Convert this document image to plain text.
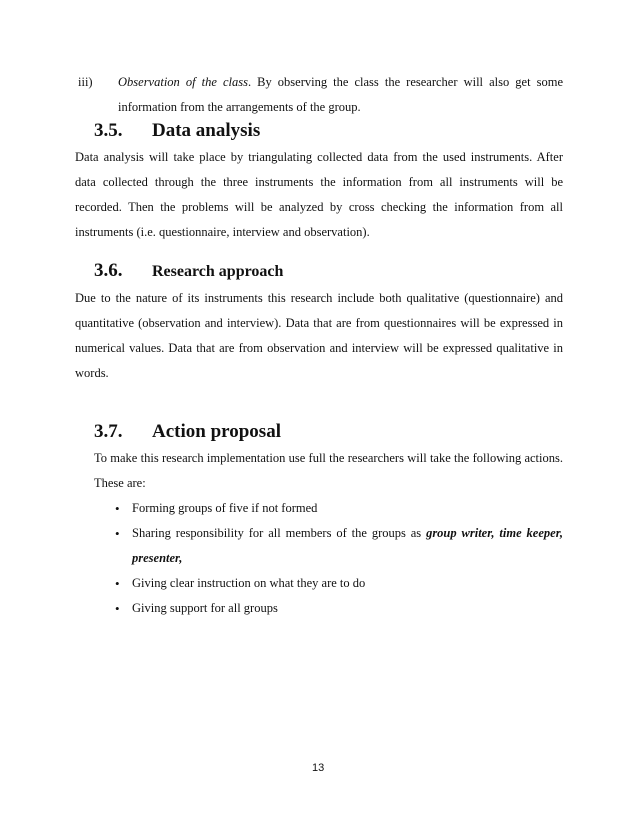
iii) Observation of the class. By observing the class the researcher will also get some
information from the arrangements of the group.
3.5. Data analysis
Data analysis will take place by triangulating collected data from the used instruments. After
data collected through the three instruments the information from all instruments will be
recorded. Then the problems will be analyzed by cross checking the information from all
instruments (i.e. questionnaire, interview and observation).
3.6. Research approach
Due to the nature of its instruments this research include both qualitative (questionnaire) and
quantitative (observation and interview). Data that are from questionnaires will be expressed in
numerical values. Data that are from observation and interview will be expressed qualitative in
words.
3.7. Action proposal
To make this research implementation use full the researchers will take the following actions.
These are:
• Forming groups of five if not formed
• Sharing responsibility for all members of the groups as group writer, time keeper,
presenter,
• Giving clear instruction on what they are to do
• Giving support for all groups
13
